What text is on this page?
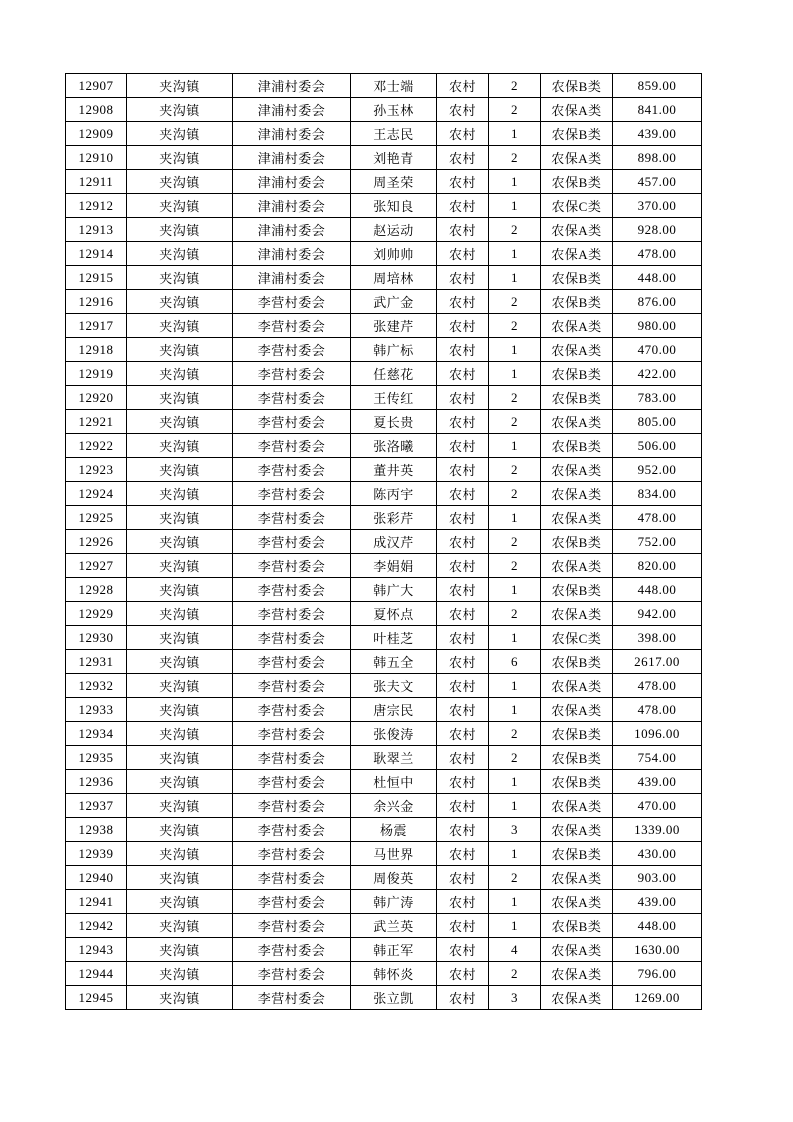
12907	夹沟镇	津浦村委会	邓士端	农村	2	农保B类	859.00
12908	夹沟镇	津浦村委会	孙玉林	农村	2	农保A类	841.00
12909	夹沟镇	津浦村委会	王志民	农村	1	农保B类	439.00
12910	夹沟镇	津浦村委会	刘艳青	农村	2	农保A类	898.00
12911	夹沟镇	津浦村委会	周圣荣	农村	1	农保B类	457.00
12912	夹沟镇	津浦村委会	张知良	农村	1	农保C类	370.00
12913	夹沟镇	津浦村委会	赵运动	农村	2	农保A类	928.00
12914	夹沟镇	津浦村委会	刘帅帅	农村	1	农保A类	478.00
12915	夹沟镇	津浦村委会	周培林	农村	1	农保B类	448.00
12916	夹沟镇	李营村委会	武广金	农村	2	农保B类	876.00
12917	夹沟镇	李营村委会	张建芹	农村	2	农保A类	980.00
12918	夹沟镇	李营村委会	韩广标	农村	1	农保A类	470.00
12919	夹沟镇	李营村委会	任慈花	农村	1	农保B类	422.00
12920	夹沟镇	李营村委会	王传红	农村	2	农保B类	783.00
12921	夹沟镇	李营村委会	夏长贵	农村	2	农保A类	805.00
12922	夹沟镇	李营村委会	张洛曦	农村	1	农保B类	506.00
12923	夹沟镇	李营村委会	董井英	农村	2	农保A类	952.00
12924	夹沟镇	李营村委会	陈丙宇	农村	2	农保A类	834.00
12925	夹沟镇	李营村委会	张彩芹	农村	1	农保A类	478.00
12926	夹沟镇	李营村委会	成汉芹	农村	2	农保B类	752.00
12927	夹沟镇	李营村委会	李娟娟	农村	2	农保A类	820.00
12928	夹沟镇	李营村委会	韩广大	农村	1	农保B类	448.00
12929	夹沟镇	李营村委会	夏怀点	农村	2	农保A类	942.00
12930	夹沟镇	李营村委会	叶桂芝	农村	1	农保C类	398.00
12931	夹沟镇	李营村委会	韩五全	农村	6	农保B类	2617.00
12932	夹沟镇	李营村委会	张夫文	农村	1	农保A类	478.00
12933	夹沟镇	李营村委会	唐宗民	农村	1	农保A类	478.00
12934	夹沟镇	李营村委会	张俊涛	农村	2	农保B类	1096.00
12935	夹沟镇	李营村委会	耿翠兰	农村	2	农保B类	754.00
12936	夹沟镇	李营村委会	杜恒中	农村	1	农保B类	439.00
12937	夹沟镇	李营村委会	余兴金	农村	1	农保A类	470.00
12938	夹沟镇	李营村委会	杨震	农村	3	农保A类	1339.00
12939	夹沟镇	李营村委会	马世界	农村	1	农保B类	430.00
12940	夹沟镇	李营村委会	周俊英	农村	2	农保A类	903.00
12941	夹沟镇	李营村委会	韩广涛	农村	1	农保A类	439.00
12942	夹沟镇	李营村委会	武兰英	农村	1	农保B类	448.00
12943	夹沟镇	李营村委会	韩正军	农村	4	农保A类	1630.00
12944	夹沟镇	李营村委会	韩怀炎	农村	2	农保A类	796.00
12945	夹沟镇	李营村委会	张立凯	农村	3	农保A类	1269.00
